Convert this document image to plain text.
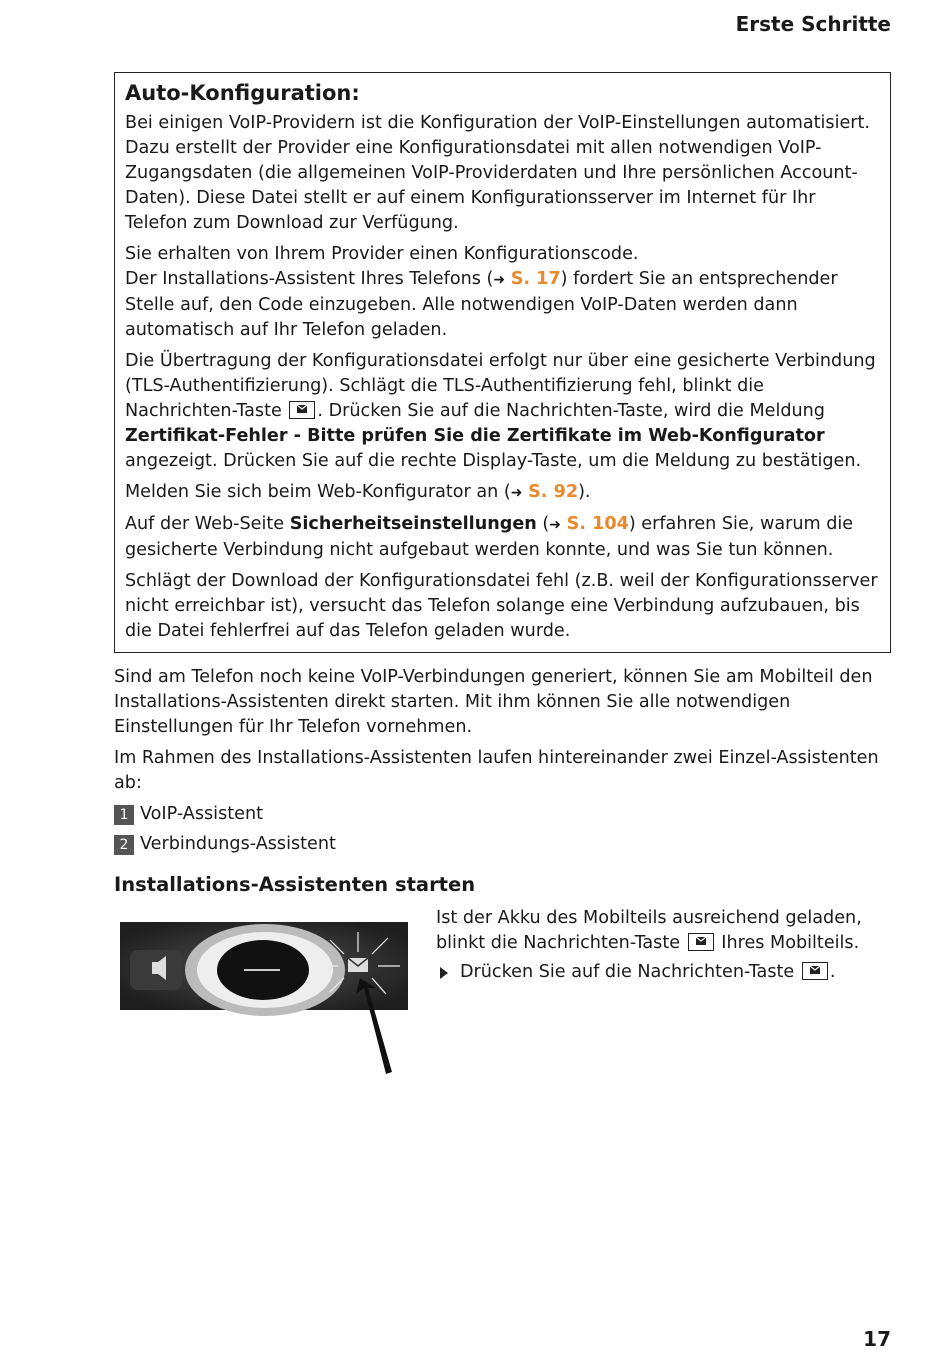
Erste Schritte
Auto-Konfiguration:

Bei einigen VoIP-Providern ist die Konfiguration der VoIP-Einstellungen automatisiert. Dazu erstellt der Provider eine Konfigurationsdatei mit allen notwendigen VoIP-Zugangsdaten (die allgemeinen VoIP-Providerdaten und Ihre persönlichen Account-Daten). Diese Datei stellt er auf einem Konfigurationsserver im Internet für Ihr Telefon zum Download zur Verfügung.

Sie erhalten von Ihrem Provider einen Konfigurationscode.
Der Installations-Assistent Ihres Telefons (➜ S. 17) fordert Sie an entsprechender Stelle auf, den Code einzugeben. Alle notwendigen VoIP-Daten werden dann automatisch auf Ihr Telefon geladen.

Die Übertragung der Konfigurationsdatei erfolgt nur über eine gesicherte Verbindung (TLS-Authentifizierung). Schlägt die TLS-Authentifizierung fehl, blinkt die Nachrichten-Taste . Drücken Sie auf die Nachrichten-Taste, wird die Meldung Zertifikat-Fehler - Bitte prüfen Sie die Zertifikate im Web-Konfigurator angezeigt. Drücken Sie auf die rechte Display-Taste, um die Meldung zu bestätigen.

Melden Sie sich beim Web-Konfigurator an (➜ S. 92).

Auf der Web-Seite Sicherheitseinstellungen (➜ S. 104) erfahren Sie, warum die gesicherte Verbindung nicht aufgebaut werden konnte, und was Sie tun können.

Schlägt der Download der Konfigurationsdatei fehl (z.B. weil der Konfigurationsserver nicht erreichbar ist), versucht das Telefon solange eine Verbindung aufzubauen, bis die Datei fehlerfrei auf das Telefon geladen wurde.

Sind am Telefon noch keine VoIP-Verbindungen generiert, können Sie am Mobilteil den Installations-Assistenten direkt starten. Mit ihm können Sie alle notwendigen Einstellungen für Ihr Telefon vornehmen.

Im Rahmen des Installations-Assistenten laufen hintereinander zwei Einzel-Assistenten ab:

1 VoIP-Assistent
2 Verbindungs-Assistent
Installations-Assistenten starten

Ist der Akku des Mobilteils ausreichend geladen, blinkt die Nachrichten-Taste Ihres Mobilteils.

Drücken Sie auf die Nachrichten-Taste .

17
